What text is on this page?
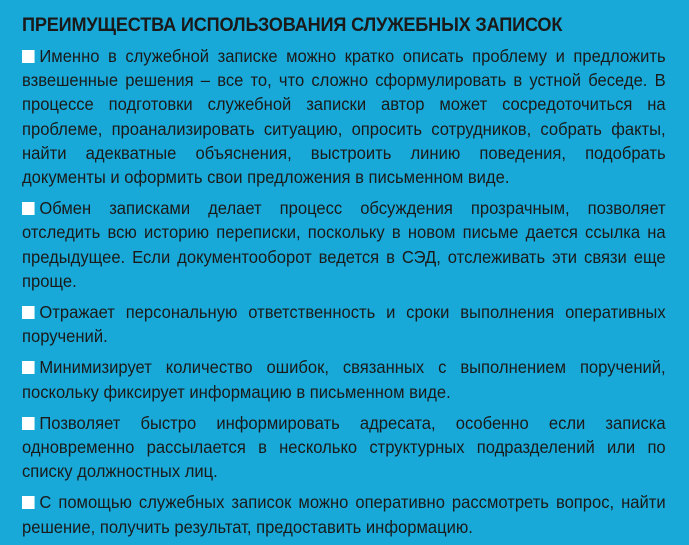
ПРЕИМУЩЕСТВА ИСПОЛЬЗОВАНИЯ СЛУЖЕБНЫХ ЗАПИСОК
Именно в служебной записке можно кратко описать проблему и предложить взвешенные решения – все то, что сложно сформулировать в устной беседе. В процессе подготовки служебной записки автор может сосредоточиться на проблеме, проанализировать ситуацию, опросить сотрудников, собрать факты, найти адекватные объяснения, выстроить линию поведения, подобрать документы и оформить свои предложения в письменном виде.
Обмен записками делает процесс обсуждения прозрачным, позволяет отследить всю историю переписки, поскольку в новом письме дается ссылка на предыдущее. Если документооборот ведется в СЭД, отслеживать эти связи еще проще.
Отражает персональную ответственность и сроки выполнения оперативных поручений.
Минимизирует количество ошибок, связанных с выполнением поручений, поскольку фиксирует информацию в письменном виде.
Позволяет быстро информировать адресата, особенно если записка одновременно рассылается в несколько структурных подразделений или по списку должностных лиц.
С помощью служебных записок можно оперативно рассмотреть вопрос, найти решение, получить результат, предоставить информацию.
